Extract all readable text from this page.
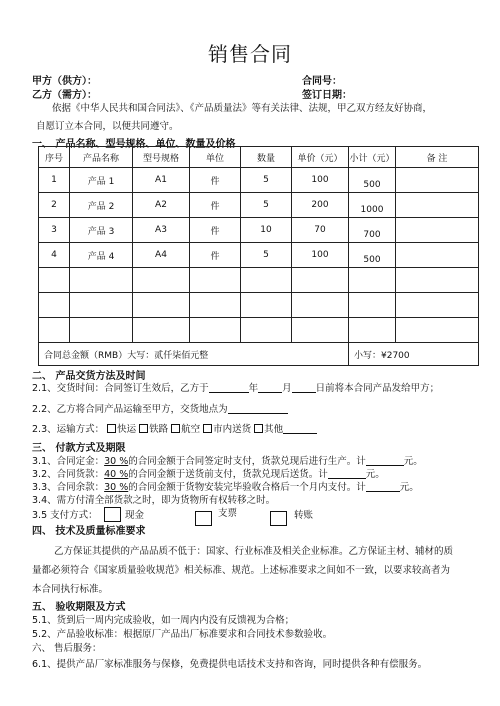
销售合同
甲方（供方）：
乙方（需方）：
合同号：
签订日期：
依据《中华人民共和国合同法》、《产品质量法》等有关法律、法规，甲乙双方经友好协商，
自愿订立本合同，以便共同遵守。
一、 产品名称、型号规格、单位、数量及价格
序号	产品名称	型号规格	单位	数量	单价（元）	小计（元）	备 注
1	产品 1	A1	件	5	100	500	
2	产品 2	A2	件	5	200	1000	
3	产品 3	A3	件	10	70	700	
4	产品 4	A4	件	5	100	500	

合同总金额（RMB）大写：贰仟柒佰元整						小写：¥2700	
二、 产品交货方法及时间
2.1、交货时间：合同签订生效后，乙方于	年	月	日前将本合同产品发给甲方；
2.2、乙方将合同产品运输至甲方，交货地点为
2.3、运输方式： 快运 铁路 航空 市内送货 其他
三、 付款方式及期限
3.1、合同定金：30 %的合同金额于合同签定时支付，货款兑现后进行生产。计	元。
3.2、合同货款：40 %的合同金额于送货前支付，货款兑现后送货。计	元。
3.3、合同余款：30 %的合同金额于货物安装完毕验收合格后一个月内支付。计	元。
3.4、需方付清全部货款之时，即为货物所有权转移之时。
3.5 支付方式：	现金	支票	转账
四、 技术及质量标准要求
乙方保证其提供的产品品质不低于：国家、行业标准及相关企业标准。乙方保证主材、辅材的质
量都必须符合《国家质量验收规范》相关标准、规范。上述标准要求之间如不一致，以要求较高者为
本合同执行标准。
五、 验收期限及方式
5.1、货到后一周内完成验收，如一周内内没有反馈视为合格；
5.2、产品验收标准：根据原厂产品出厂标准要求和合同技术参数验收。
六、 售后服务：
6.1、提供产品厂家标准服务与保修，免费提供电话技术支持和咨询，同时提供各种有偿服务。
